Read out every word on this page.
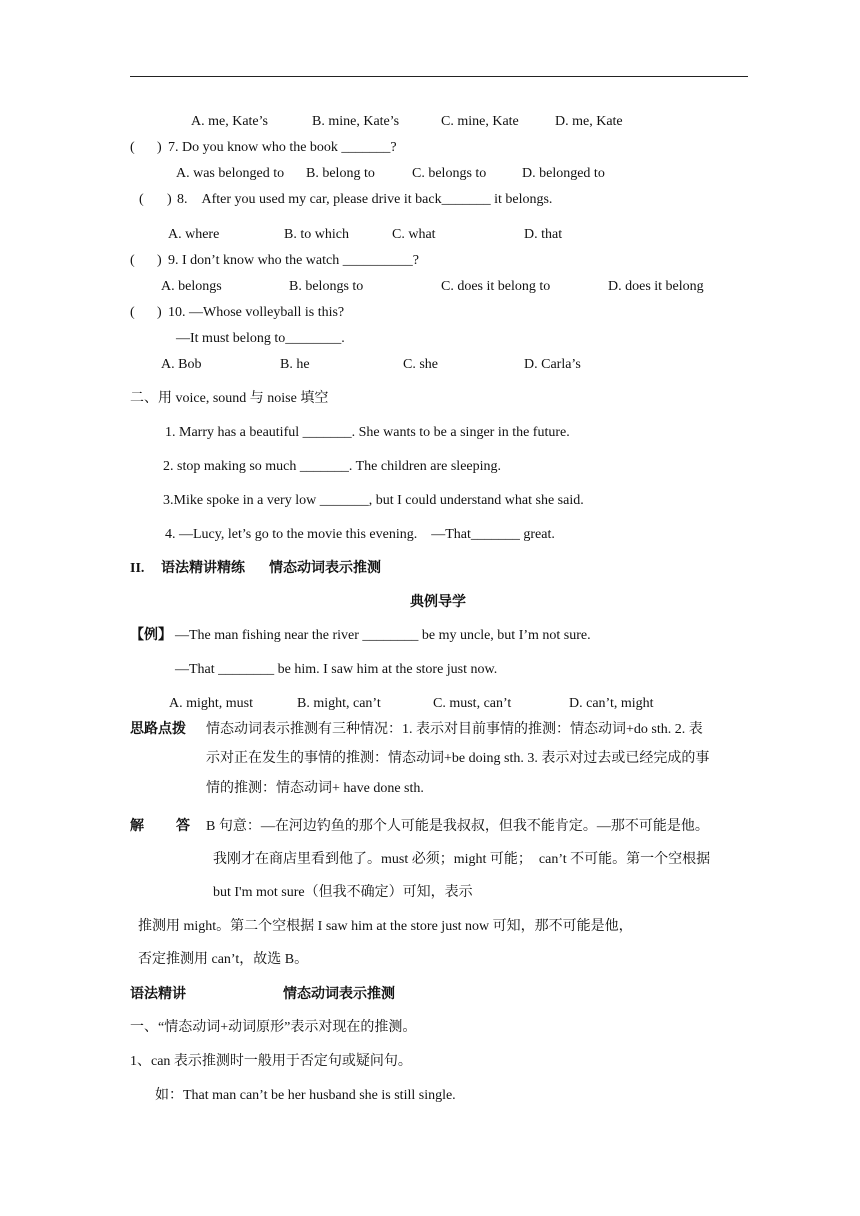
A. me, Kate’s	B. mine, Kate’s	C. mine, Kate	D. me, Kate
( ) 7. Do you know who the book _______?
A. was belonged to B. belong to	C. belongs to	D. belonged to
( ) 8.　After you used my car, please drive it back_______ it belongs.
A. where	B. to which	C. what	D. that
( ) 9. I don’t know who the watch __________?
A. belongs	B. belongs to	C. does it belong to	D. does it belong
( ) 10. —Whose volleyball is this?
—It must belong to________.
A. Bob	B. he	C. she	D. Carla’s
二、用 voice, sound 与 noise 填空
1. Marry has a beautiful _______. She wants to be a singer in the future.
2. stop making so much _______. The children are sleeping.
3.Mike spoke in a very low _______, but I could understand what she said.
4. —Lucy, let’s go to the movie this evening.　—That_______ great.
II. 语法精讲精练 情态动词表示推测
典例导学
【例】 —The man fishing near the river ________ be my uncle, but I’m not sure.
—That ________ be him. I saw him at the store just now.
A. might, must	B. might, can’t	C. must, can’t	D. can’t, might
思路点拨 情态动词表示推测有三种情况：1. 表示对目前事情的推测：情态动词+do sth. 2. 表
示对正在发生的事情的推测：情态动词+be doing sth. 3. 表示对过去或已经完成的事
情的推测：情态动词+ have done sth.
解 答 B 句意：—在河边钓鱼的那个人可能是我叔叔，但我不能肯定。—那不可能是他。
我刚才在商店里看到他了。must 必须；might 可能；　can’t 不可能。第一个空根据
but I'm mot sure（但我不确定）可知，表示
推测用 might。第二个空根据 I saw him at the store just now 可知，那不可能是他，
否定推测用 can’t，故选 B。
语法精讲	情态动词表示推测
一、“情态动词+动词原形”表示对现在的推测。
1、can 表示推测时一般用于否定句或疑问句。
如：That man can’t be her husband she is still single.
